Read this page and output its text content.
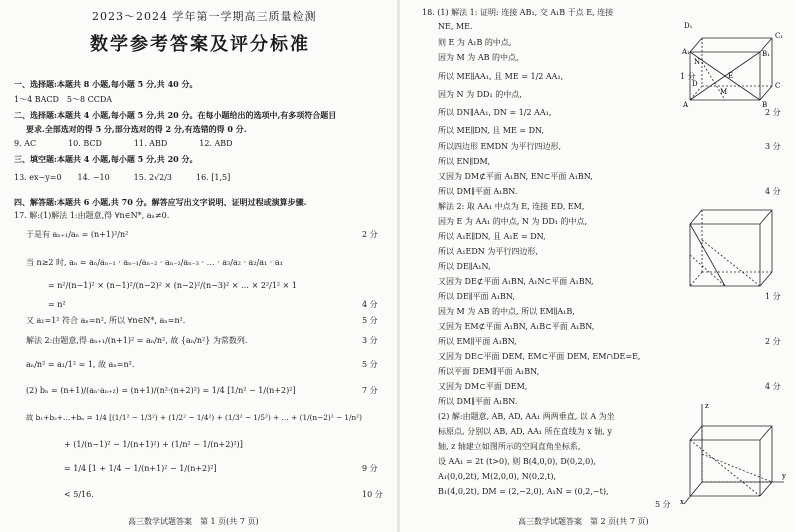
2023～2024 学年第一学期高三质量检测
数学参考答案及评分标准
一、选择题:本题共 8 小题,每小题 5 分,共 40 分。
1～4 BACD　5～8 CCDA
二、选择题:本题共 4 小题,每小题 5 分,共 20 分。在每小题给出的选项中,有多项符合题目
要求.全部选对的得 5 分,部分选对的得 2 分,有选错的得 0 分.
9. AC　　　　10. BCD　　　　11. ABD　　　　12. ABD
三、填空题:本题共 4 小题,每小题 5 分,共 20 分。
13. ex−y=0　　14. −10　　　15. 2√2/3　　　16. [1,5]
四、解答题:本题共 6 小题,共 70 分。解答应写出文字说明、证明过程或演算步骤.
17. 解:(1)解法 1:由题意,得 ∀n∈N*, aₙ≠0.
于是有 aₙ₊₁/aₙ = (n+1)²/n²
当 n≥2 时, aₙ = aₙ/aₙ₋₁ · aₙ₋₁/aₙ₋₂ · aₙ₋₂/aₙ₋₃ · … · a₃/a₂ · a₂/a₁ · a₁
= n²/(n−1)² × (n−1)²/(n−2)² × (n−2)²/(n−3)² × … × 2²/1² × 1
= n²
又 a₁=1² 符合 aₙ=n², 所以 ∀n∈N*, aₙ=n².
解法 2:由题意,得 aₙ₊₁/(n+1)² = aₙ/n², 故 {aₙ/n²} 为常数列.
aₙ/n² = a₁/1² = 1, 故 aₙ=n².
(2) bₙ = (n+1)/(aₙ·aₙ₊₂) = (n+1)/(n²·(n+2)²) = 1/4 [1/n² − 1/(n+2)²]
故 b₁+b₂+…+bₙ = 1/4 [(1/1² − 1/3²) + (1/2² − 1/4²) + (1/3² − 1/5²) + … + (1/(n−2)² − 1/n²)
+ (1/(n−1)² − 1/(n+1)²) + (1/n² − 1/(n+2)²)]
= 1/4 [1 + 1/4 − 1/(n+1)² − 1/(n+2)²]
< 5/16.
2 分
4 分
5 分
3 分
5 分
7 分
9 分
10 分
高三数学试题答案　第 1 页(共 7 页)
18. (1) 解法 1: 证明: 连接 AB₁, 交 A₁B 于点 E, 连接
NE, ME.
则 E 为 A₁B 的中点,
因为 M 为 AB 的中点,
所以 ME∥AA₁, 且 ME = 1/2 AA₁,
因为 N 为 DD₁ 的中点,
所以 DN∥AA₁, DN = 1/2 AA₁,
所以 ME∥DN, 且 ME = DN,
所以四边形 EMDN 为平行四边形,
所以 EN∥DM,
又因为 DM⊄平面 A₁BN, EN⊂平面 A₁BN,
所以 DM∥平面 A₁BN.
解法 2: 取 AA₁ 中点为 E, 连接 ED, EM,
因为 E 为 AA₁ 的中点, N 为 DD₁ 的中点,
所以 A₁E∥DN, 且 A₁E = DN,
所以 A₁EDN 为平行四边形,
所以 DE∥A₁N,
又因为 DE⊄平面 A₁BN, A₁N⊂平面 A₁BN,
所以 DE∥平面 A₁BN,
因为 M 为 AB 的中点, 所以 EM∥A₁B,
又因为 EM⊄平面 A₁BN, A₁B⊂平面 A₁BN,
所以 EM∥平面 A₁BN,
又因为 DE⊂平面 DEM, EM⊂平面 DEM, EM∩DE=E,
所以平面 DEM∥平面 A₁BN,
又因为 DM⊂平面 DEM,
所以 DM∥平面 A₁BN.
(2) 解:由题意, AB, AD, AA₁ 两两垂直, 以 A 为坐
标原点, 分别以 AB, AD, AA₁ 所在直线为 x 轴, y
轴, z 轴建立如图所示的空间直角坐标系,
设 AA₁ = 2t (t>0), 则 B(4,0,0), D(0,2,0),
A₁(0,0,2t), M(2,0,0), N(0,2,t),
B₁(4,0,2t), DM = (2,−2,0), A₁N = (0,2,−t),
1 分
2 分
3 分
4 分
1 分
2 分
4 分
5 分
D₁
C₁
A₁	B₁
N
E
D	C
M
A	B
z
x
y
高三数学试题答案　第 2 页(共 7 页)
